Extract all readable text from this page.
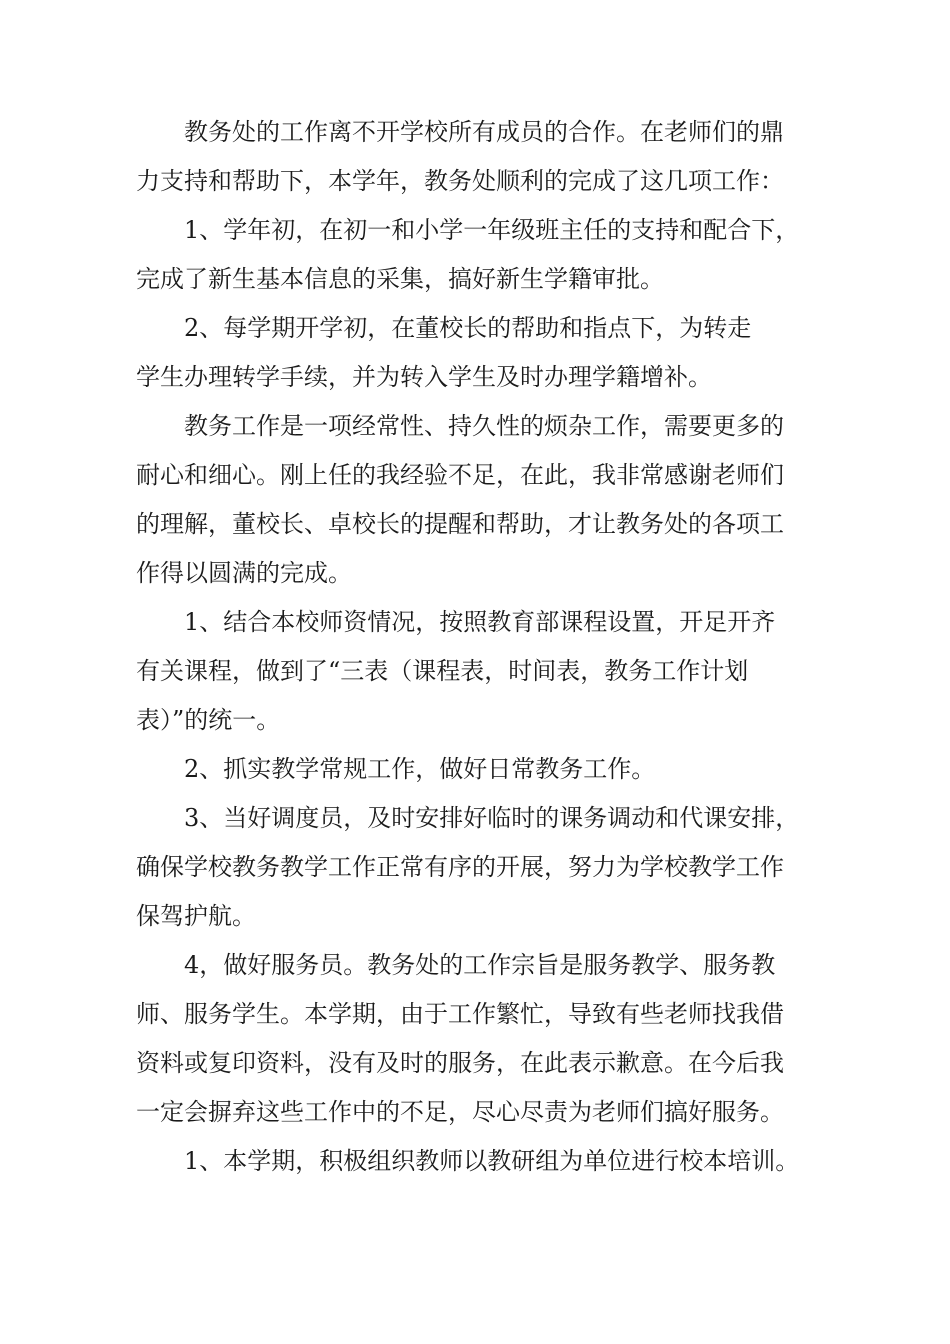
教务处的工作离不开学校所有成员的合作。在老师们的鼎
力支持和帮助下，本学年，教务处顺利的完成了这几项工作：
1、学年初，在初一和小学一年级班主任的支持和配合下，
完成了新生基本信息的采集，搞好新生学籍审批。
2、每学期开学初，在董校长的帮助和指点下，为转走
学生办理转学手续，并为转入学生及时办理学籍增补。
教务工作是一项经常性、持久性的烦杂工作，需要更多的
耐心和细心。刚上任的我经验不足，在此，我非常感谢老师们
的理解，董校长、卓校长的提醒和帮助，才让教务处的各项工
作得以圆满的完成。
1、结合本校师资情况，按照教育部课程设置，开足开齐
有关课程，做到了“三表（课程表，时间表，教务工作计划
表）”的统一。
2、抓实教学常规工作，做好日常教务工作。
3、当好调度员，及时安排好临时的课务调动和代课安排，
确保学校教务教学工作正常有序的开展，努力为学校教学工作
保驾护航。
4，做好服务员。教务处的工作宗旨是服务教学、服务教
师、服务学生。本学期，由于工作繁忙，导致有些老师找我借
资料或复印资料，没有及时的服务，在此表示歉意。在今后我
一定会摒弃这些工作中的不足，尽心尽责为老师们搞好服务。
1、本学期，积极组织教师以教研组为单位进行校本培训。
